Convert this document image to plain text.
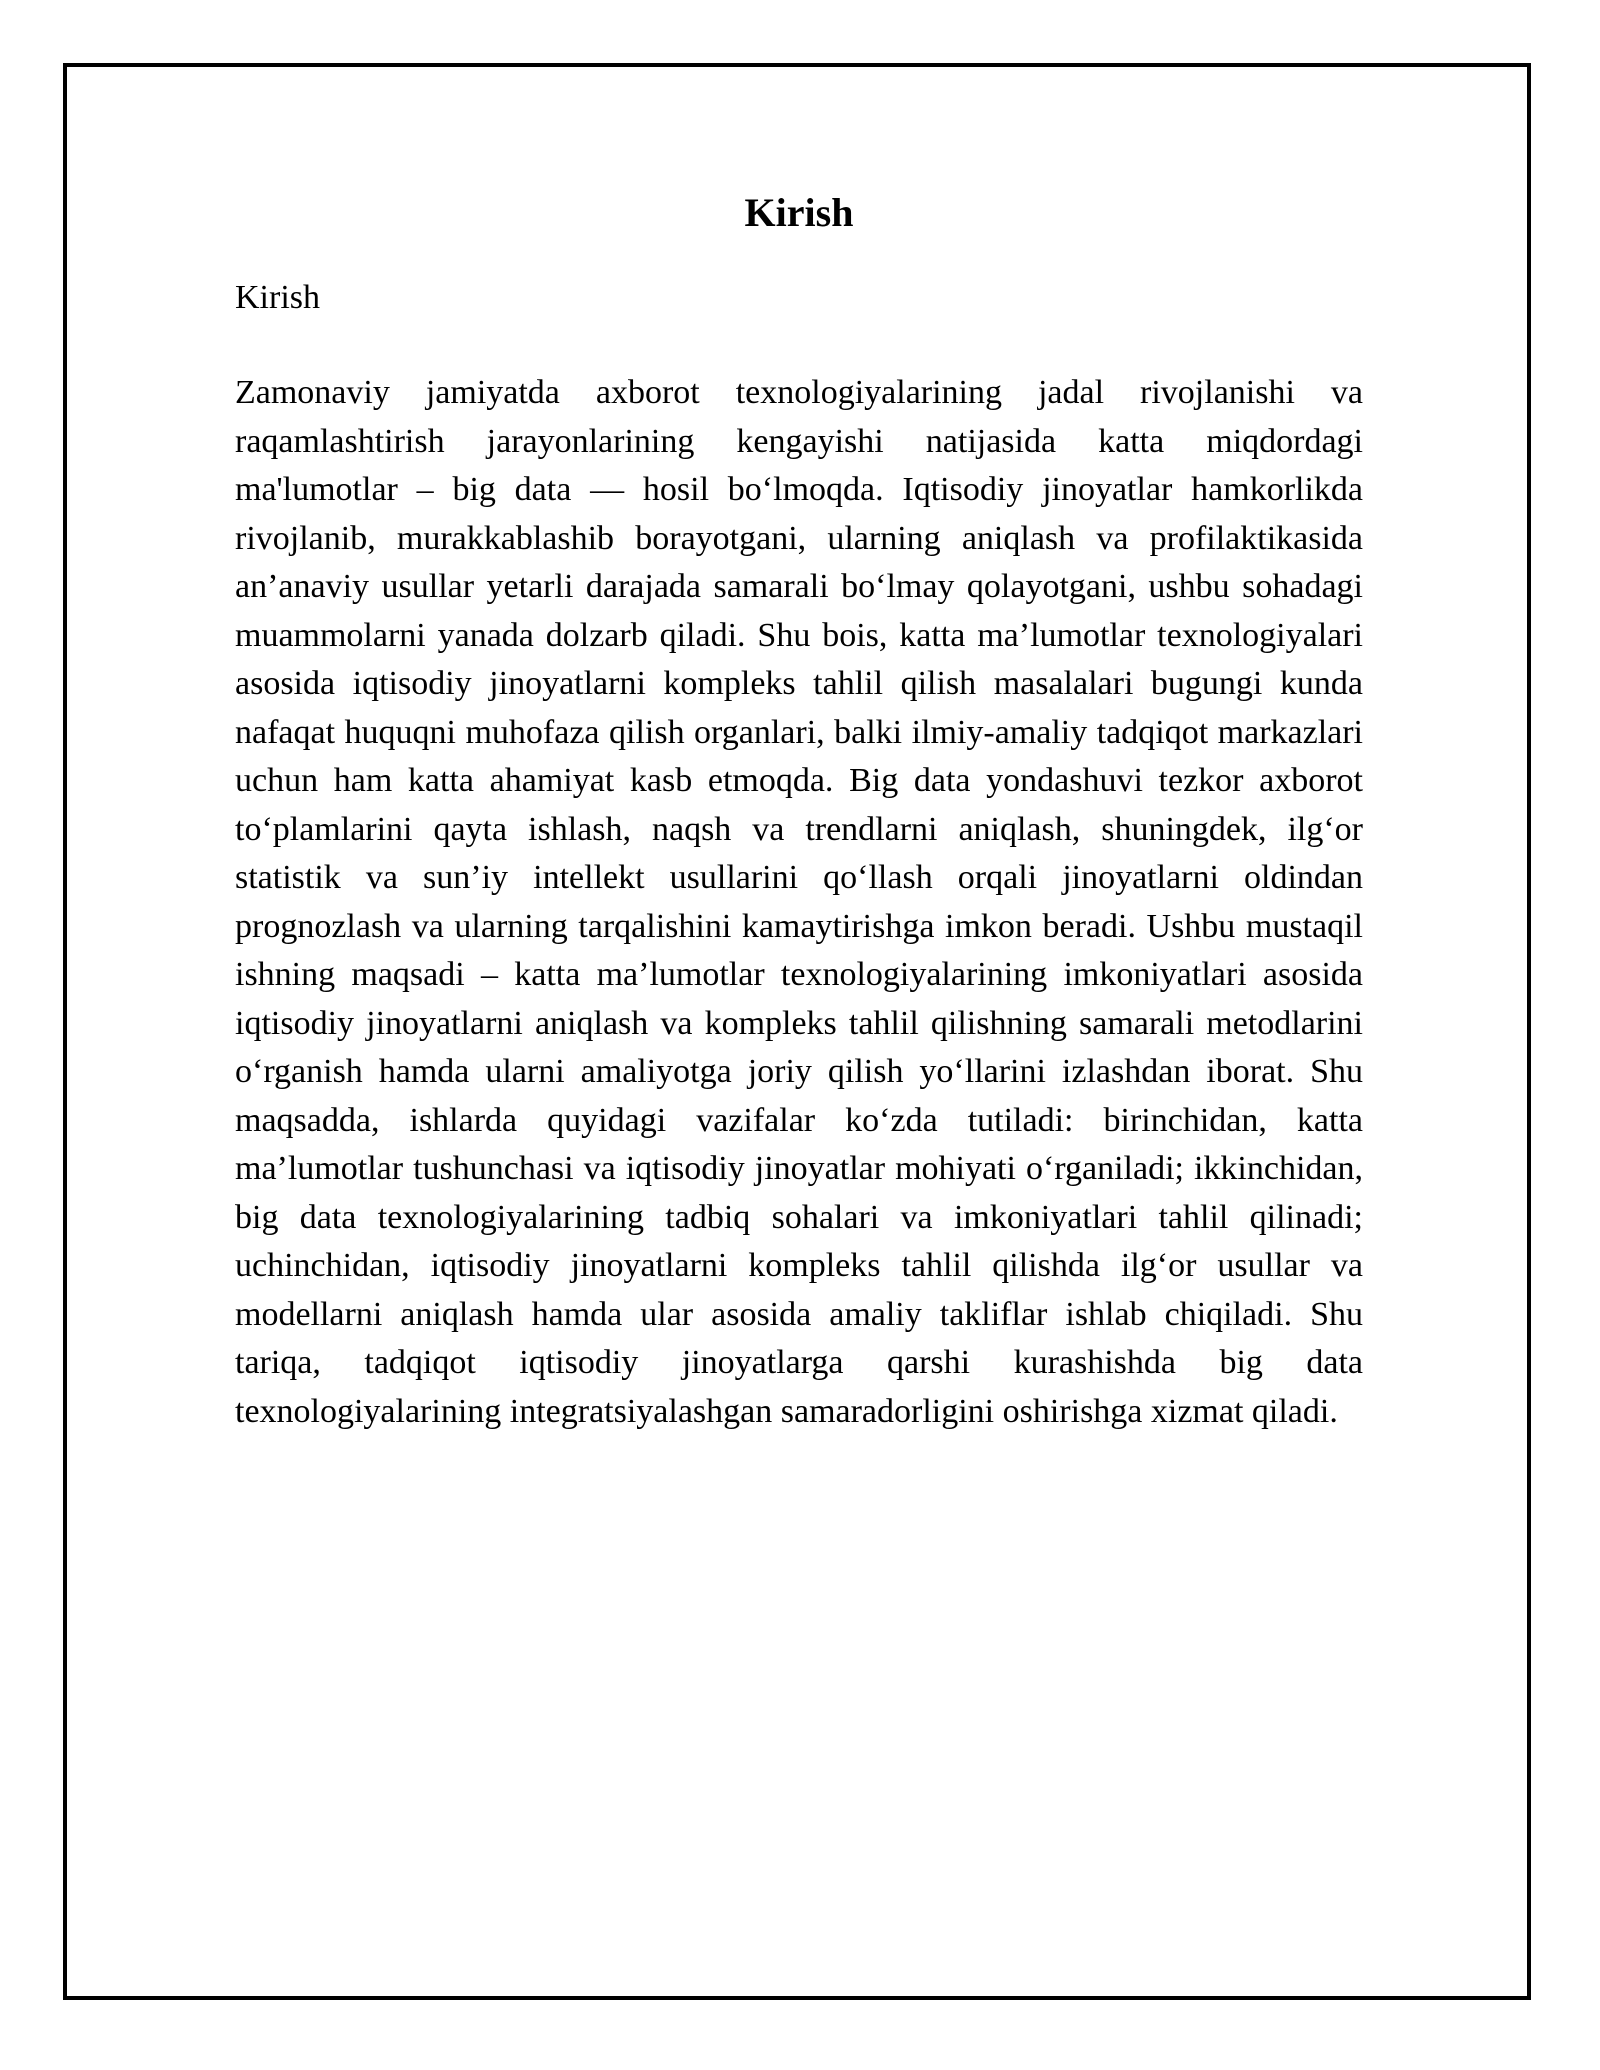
Kirish

Kirish

Zamonaviy jamiyatda axborot texnologiyalarining jadal rivojlanishi va raqamlashtirish jarayonlarining kengayishi natijasida katta miqdordagi ma'lumotlar – big data — hosil bo‘lmoqda. Iqtisodiy jinoyatlar hamkorlikda rivojlanib, murakkablashib borayotgani, ularning aniqlash va profilaktikasida an’anaviy usullar yetarli darajada samarali bo‘lmay qolayotgani, ushbu sohadagi muammolarni yanada dolzarb qiladi. Shu bois, katta ma’lumotlar texnologiyalari asosida iqtisodiy jinoyatlarni kompleks tahlil qilish masalalari bugungi kunda nafaqat huquqni muhofaza qilish organlari, balki ilmiy-amaliy tadqiqot markazlari uchun ham katta ahamiyat kasb etmoqda. Big data yondashuvi tezkor axborot to‘plamlarini qayta ishlash, naqsh va trendlarni aniqlash, shuningdek, ilg‘or statistik va sun’iy intellekt usullarini qo‘llash orqali jinoyatlarni oldindan prognozlash va ularning tarqalishini kamaytirishga imkon beradi. Ushbu mustaqil ishning maqsadi – katta ma’lumotlar texnologiyalarining imkoniyatlari asosida iqtisodiy jinoyatlarni aniqlash va kompleks tahlil qilishning samarali metodlarini o‘rganish hamda ularni amaliyotga joriy qilish yo‘llarini izlashdan iborat. Shu maqsadda, ishlarda quyidagi vazifalar ko‘zda tutiladi: birinchidan, katta ma’lumotlar tushunchasi va iqtisodiy jinoyatlar mohiyati o‘rganiladi; ikkinchidan, big data texnologiyalarining tadbiq sohalari va imkoniyatlari tahlil qilinadi; uchinchidan, iqtisodiy jinoyatlarni kompleks tahlil qilishda ilg‘or usullar va modellarni aniqlash hamda ular asosida amaliy takliflar ishlab chiqiladi. Shu tariqa, tadqiqot iqtisodiy jinoyatlarga qarshi kurashishda big data texnologiyalarining integratsiyalashgan samaradorligini oshirishga xizmat qiladi.
